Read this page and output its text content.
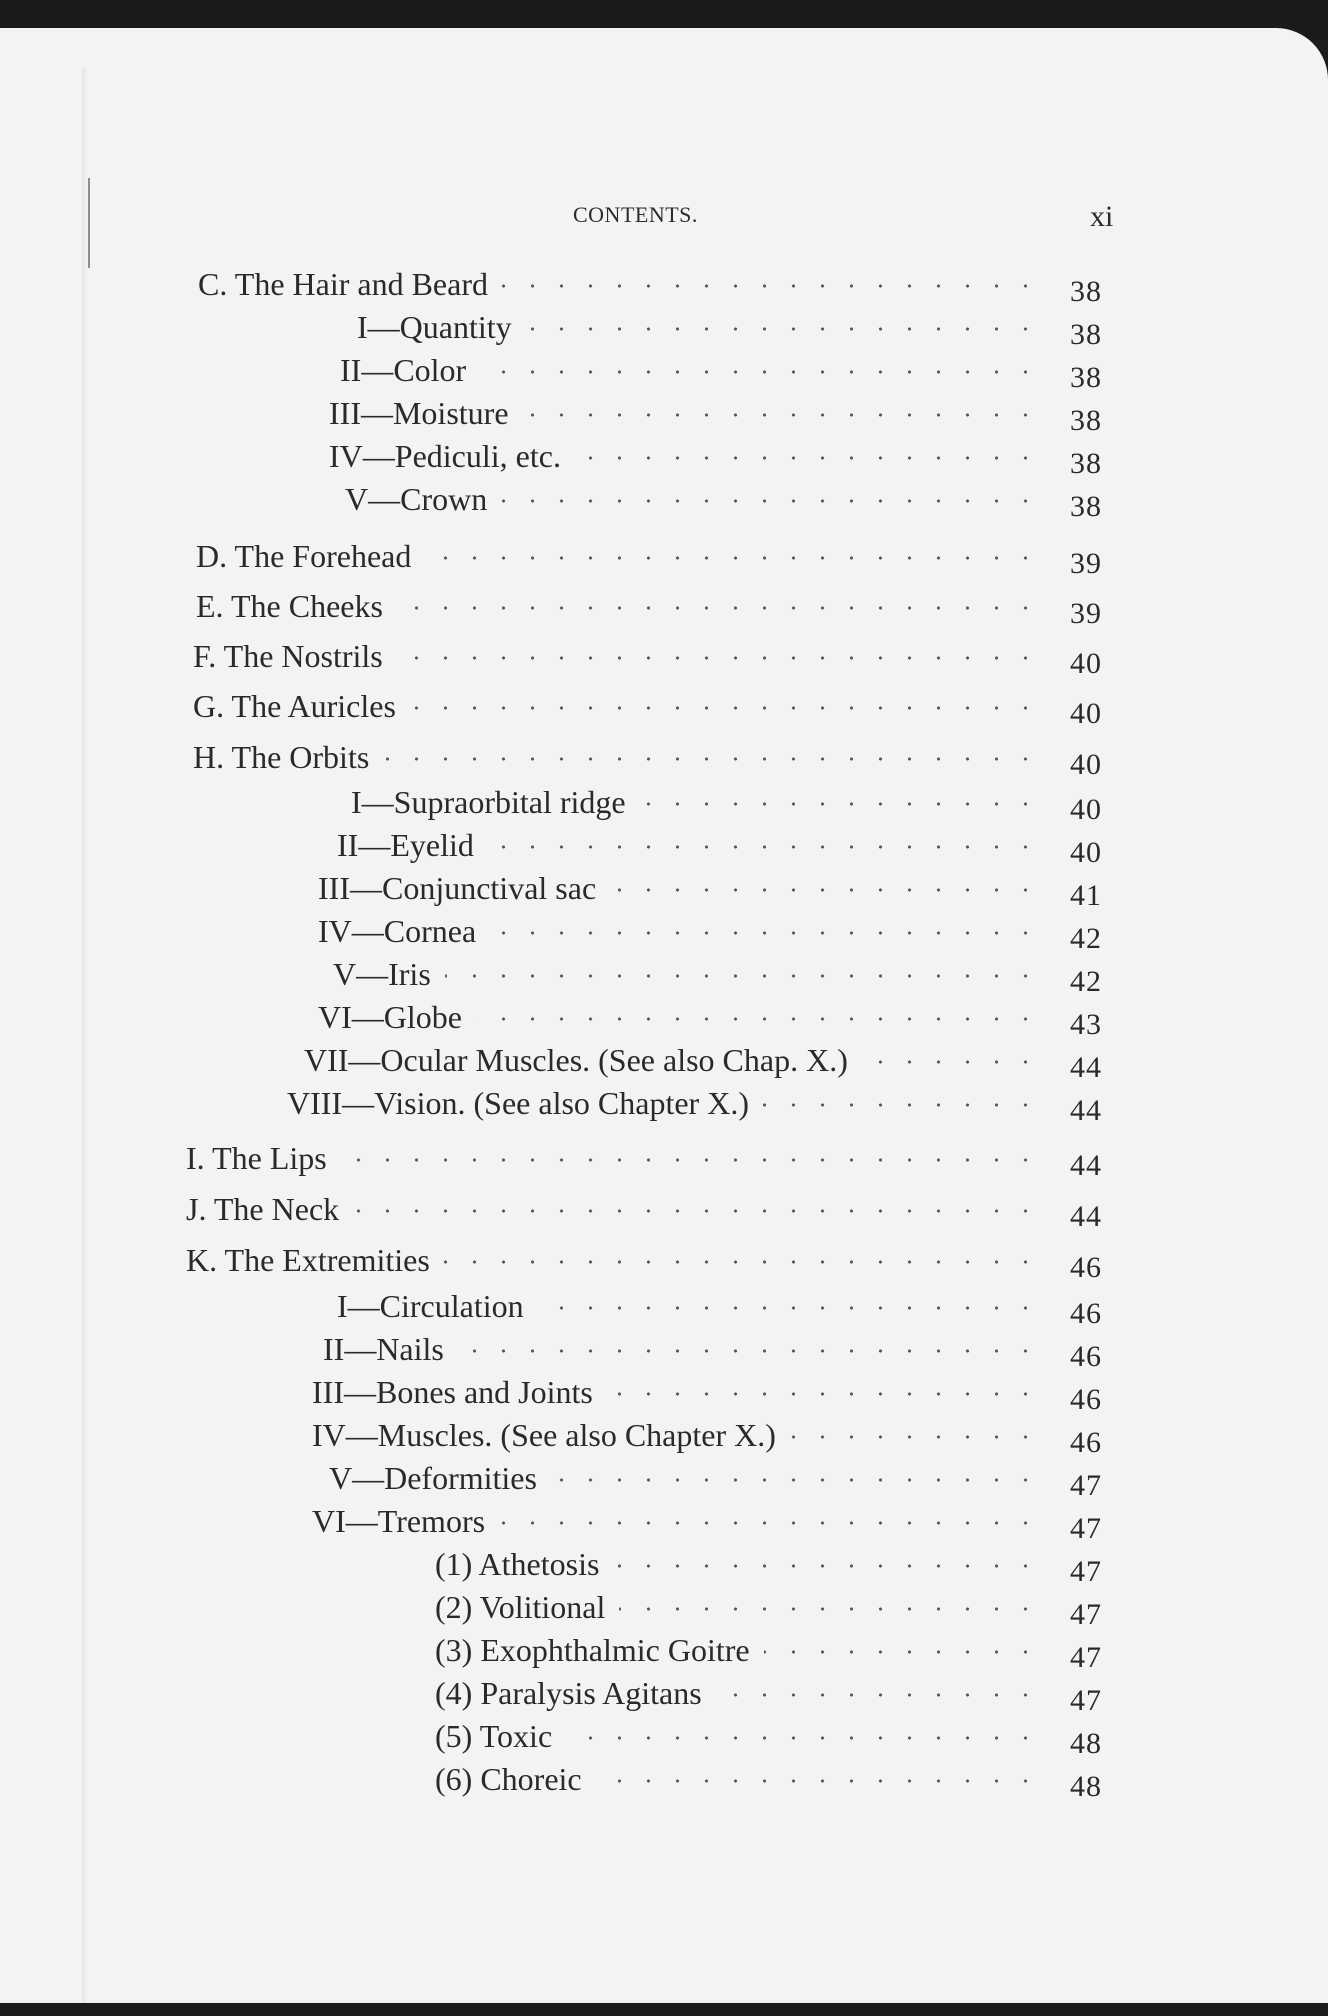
CONTENTS.	xi
C. The Hair and Beard	38
I—Quantity	38
II—Color	38
III—Moisture	38
IV—Pediculi, etc.	38
V—Crown	38
D. The Forehead	39
E. The Cheeks	39
F. The Nostrils	40
G. The Auricles	40
H. The Orbits	40
I—Supraorbital ridge	40
II—Eyelid	40
III—Conjunctival sac	41
IV—Cornea	42
V—Iris	42
VI—Globe	43
VII—Ocular Muscles. (See also Chap. X.)	44
VIII—Vision. (See also Chapter X.)	44
I. The Lips	44
J. The Neck	44
K. The Extremities	46
I—Circulation	46
II—Nails	46
III—Bones and Joints	46
IV—Muscles. (See also Chapter X.)	46
V—Deformities	47
VI—Tremors	47
(1) Athetosis	47
(2) Volitional	47
(3) Exophthalmic Goitre	47
(4) Paralysis Agitans	47
(5) Toxic	48
(6) Choreic	48
